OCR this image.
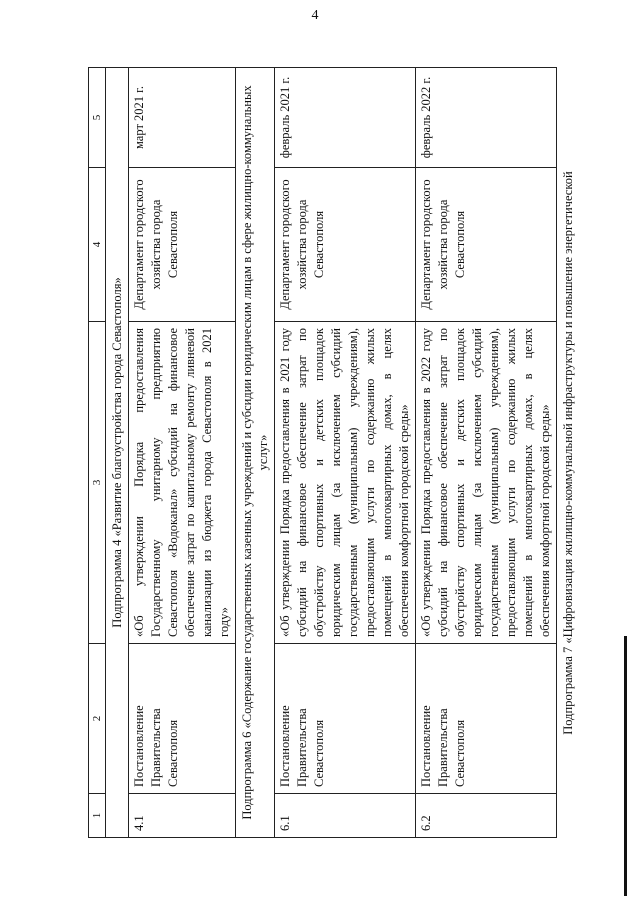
4
1	2	3	4	5
Подпрограмма 4 «Развитие благоустройства города Севастополя»				
4.1	Постановление Правительства Севастополя	«Об утверждении Порядка предоставления Государственному унитарному предприятию Севастополя «Водоканал» субсидий на финансовое обеспечение затрат по капитальному ремонту ливневой канализации из бюджета города Севастополя в 2021 году»	Департамент городского хозяйства города Севастополя	март 2021 г.
Подпрограмма 6 «Содержание государственных казенных учреждений и субсидии юридическим лицам в сфере жилищно-коммунальных услуг»				
6.1	Постановление Правительства Севастополя	«Об утверждении Порядка предоставления в 2021 году субсидий на финансовое обеспечение затрат по обустройству спортивных и детских площадок юридическим лицам (за исключением субсидий государственным (муниципальным) учреждениям), предоставляющим услуги по содержанию жилых помещений в многоквартирных домах, в целях обеспечения комфортной городской среды»	Департамент городского хозяйства города Севастополя	февраль 2021 г.
6.2	Постановление Правительства Севастополя	«Об утверждении Порядка предоставления в 2022 году субсидий на финансовое обеспечение затрат по обустройству спортивных и детских площадок юридическим лицам (за исключением субсидий государственным (муниципальным) учреждениям), предоставляющим услуги по содержанию жилых помещений в многоквартирных домах, в целях обеспечения комфортной городской среды»	Департамент городского хозяйства города Севастополя	февраль 2022 г.
Подпрограмма 7 «Цифровизация жилищно-коммунальной инфраструктуры и повышение энергетической
